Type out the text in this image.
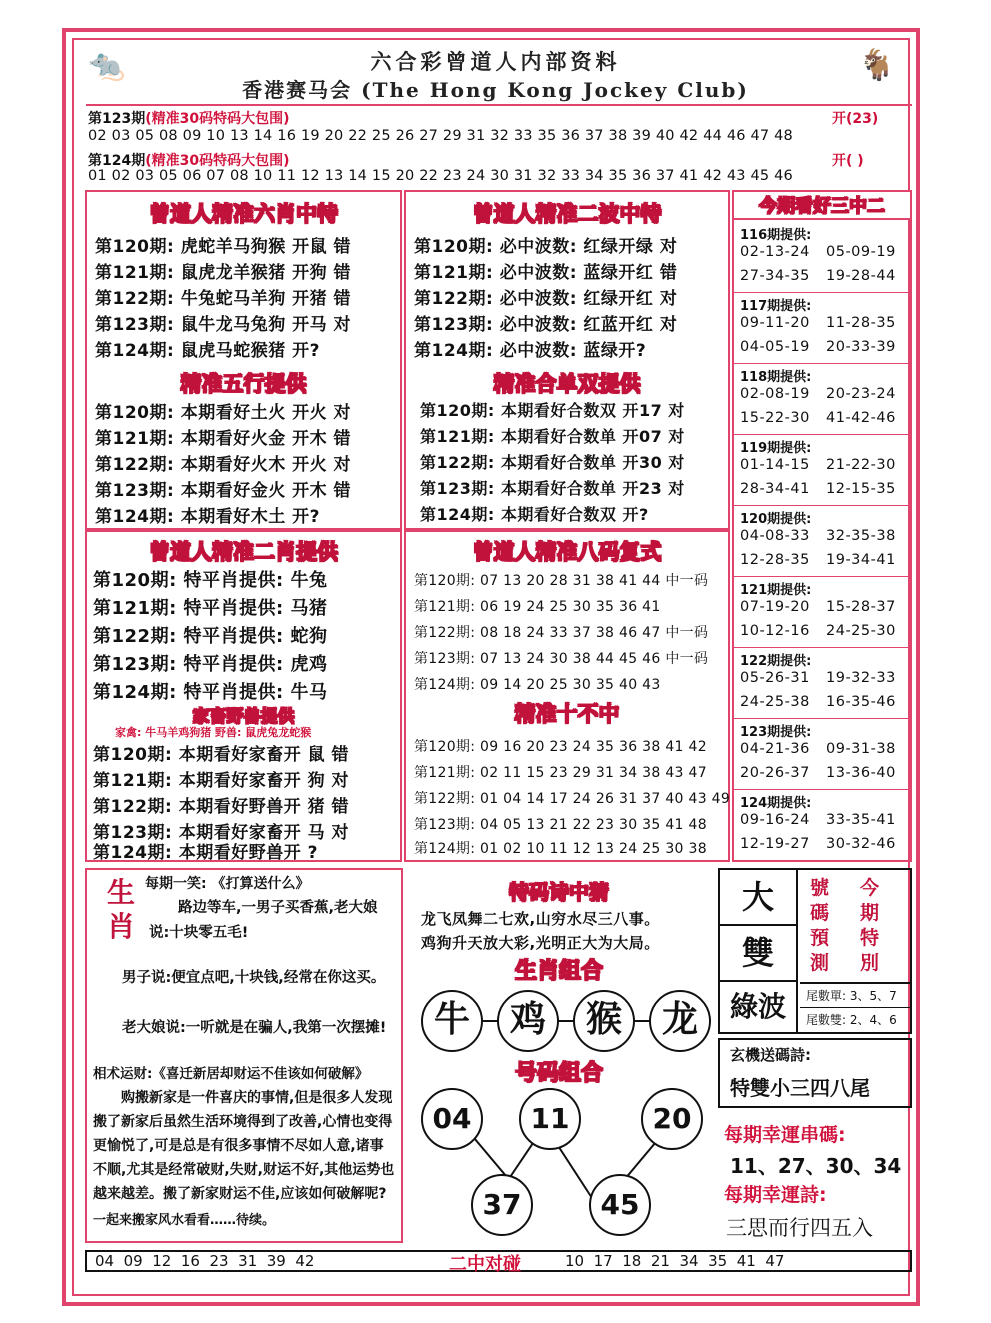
🐀	🐐
六合彩曾道人内部资料
香港赛马会 (The Hong Kong Jockey Club)
第123期(精准30码特码大包围)	开(23)
02 03 05 08 09 10 13 14 16 19 20 22 25 26 27 29 31 32 33 35 36 37 38 39 40 42 44 46 47 48
第124期(精准30码特码大包围)	开( )
01 02 03 05 06 07 08 10 11 12 13 14 15 20 22 23 24 30 31 32 33 34 35 36 37 41 42 43 45 46
曾道人精准六肖中特
第120期: 虎蛇羊马狗猴 开鼠 错
第121期: 鼠虎龙羊猴猪 开狗 错
第122期: 牛兔蛇马羊狗 开猪 错
第123期: 鼠牛龙马兔狗 开马 对
第124期: 鼠虎马蛇猴猪 开?
精准五行提供
第120期: 本期看好土火 开火 对
第121期: 本期看好火金 开木 错
第122期: 本期看好火木 开火 对
第123期: 本期看好金火 开木 错
第124期: 本期看好木土 开?
曾道人精准二波中特
第120期: 必中波数: 红绿开绿 对
第121期: 必中波数: 蓝绿开红 错
第122期: 必中波数: 红绿开红 对
第123期: 必中波数: 红蓝开红 对
第124期: 必中波数: 蓝绿开?
精准合单双提供
第120期: 本期看好合数双 开17 对
第121期: 本期看好合数单 开07 对
第122期: 本期看好合数单 开30 对
第123期: 本期看好合数单 开23 对
第124期: 本期看好合数双 开?
曾道人精准二肖提供
第120期: 特平肖提供: 牛兔
第121期: 特平肖提供: 马猪
第122期: 特平肖提供: 蛇狗
第123期: 特平肖提供: 虎鸡
第124期: 特平肖提供: 牛马
家畜野兽提供
家禽: 牛马羊鸡狗猪 野兽: 鼠虎兔龙蛇猴
第120期: 本期看好家畜开 鼠 错
第121期: 本期看好家畜开 狗 对
第122期: 本期看好野兽开 猪 错
第123期: 本期看好家畜开 马 对
第124期: 本期看好野兽开 ?
曾道人精准八码复式
第120期: 07 13 20 28 31 38 41 44 中一码
第121期: 06 19 24 25 30 35 36 41
第122期: 08 18 24 33 37 38 46 47 中一码
第123期: 07 13 24 30 38 44 45 46 中一码
第124期: 09 14 20 25 30 35 40 43
精准十不中
第120期: 09 16 20 23 24 35 36 38 41 42
第121期: 02 11 15 23 29 31 34 38 43 47
第122期: 01 04 14 17 24 26 31 37 40 43 49
第123期: 04 05 13 21 22 23 30 35 41 48
第124期: 01 02 10 11 12 13 24 25 30 38
今期看好三中二
116期提供:
02-13-24 05-09-19
27-34-35 19-28-44
117期提供:
09-11-20 11-28-35
04-05-19 20-33-39
118期提供:
02-08-19 20-23-24
15-22-30 41-42-46
119期提供:
01-14-15 21-22-30
28-34-41 12-15-35
120期提供:
04-08-33 32-35-38
12-28-35 19-34-41
121期提供:
07-19-20 15-28-37
10-12-16 24-25-30
122期提供:
05-26-31 19-32-33
24-25-38 16-35-46
123期提供:
04-21-36 09-31-38
20-26-37 13-36-40
124期提供:
09-16-24 33-35-41
12-19-27 30-32-46
生肖
每期一笑: 《打算送什么》
路边等车,一男子买香蕉,老大娘说:十块零五毛!
男子说:便宜点吧,十块钱,经常在你这买。
老大娘说:一听就是在骗人,我第一次摆摊!
相术运财:《喜迁新居却财运不佳该如何破解》
购搬新家是一件喜庆的事情,但是很多人发现搬了新家后虽然生活环境得到了改善,心情也变得更愉悦了,可是总是有很多事情不尽如人意,诸事不顺,尤其是经常破财,失财,财运不好,其他运势也越来越差。搬了新家财运不佳,应该如何破解呢?
一起来搬家风水看看……待续。
特码诗中猜
龙飞凤舞二七欢,山穷水尽三八事。
鸡狗升天放大彩,光明正大为大局。
生肖组合
牛	鸡	猴	龙
号码组合
04	11	20
37	45
大
雙
綠波
號碼預測
今期特別
尾數單: 3、5、7
尾數雙: 2、4、6
玄機送碼詩:
特雙小三四八尾
每期幸運串碼:
11、27、30、34
每期幸運詩:
三思而行四五入
04  09  12  16  23  31  39  42	二中对碰	10  17  18  21  34  35  41  47
